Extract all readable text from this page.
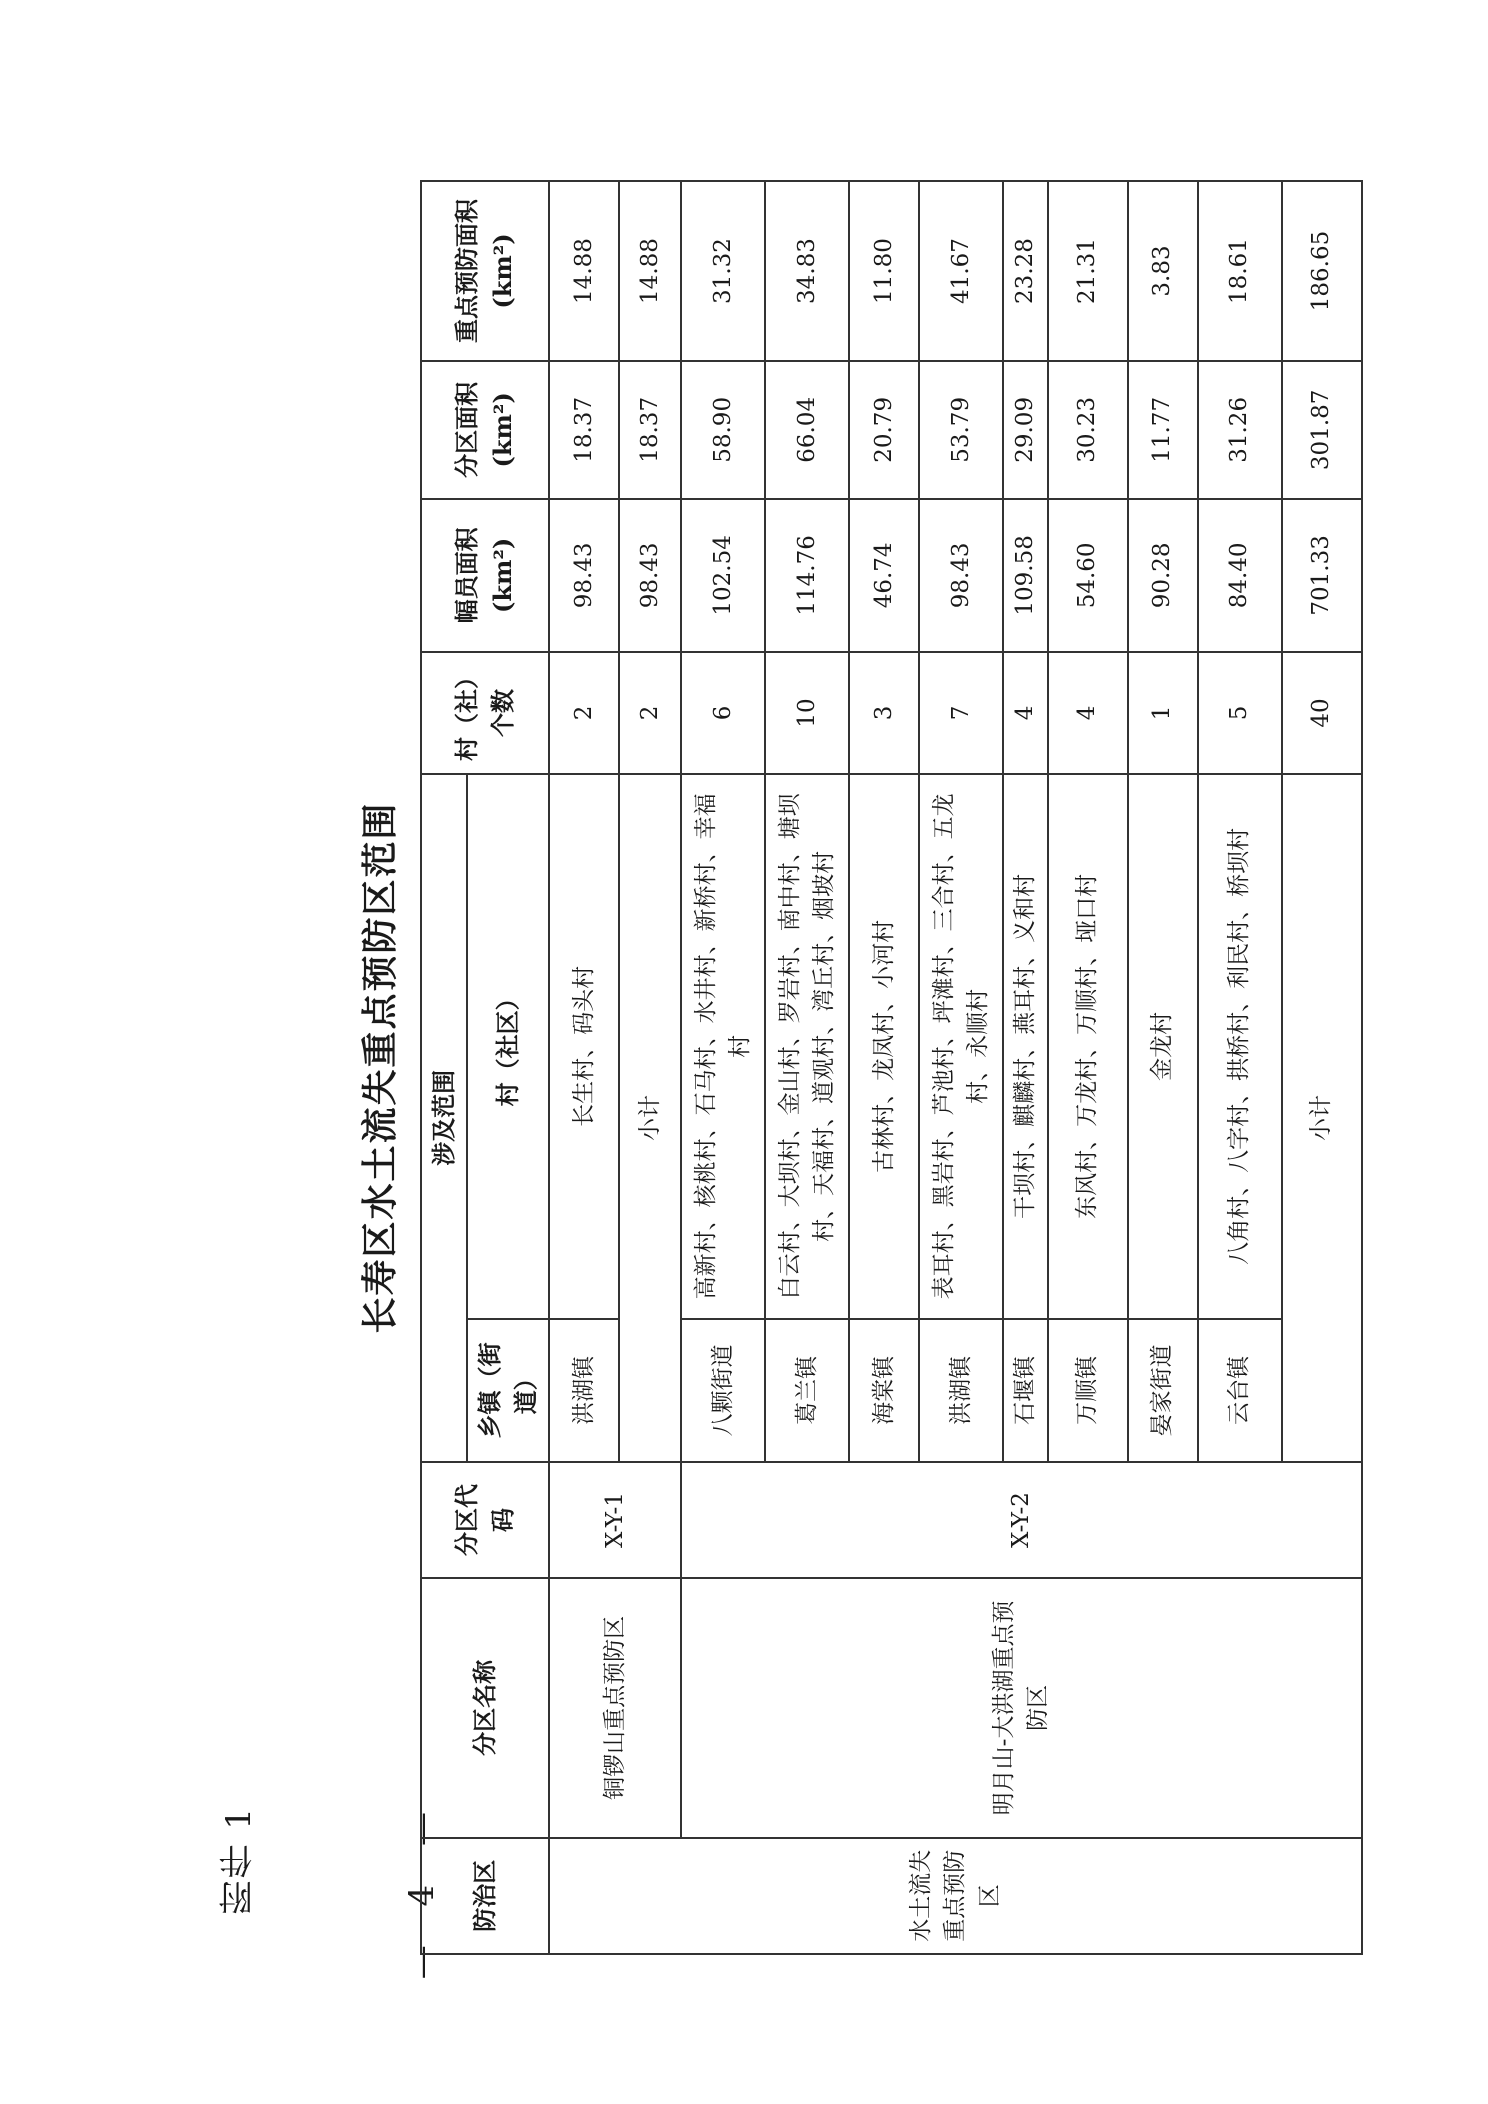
附件 1	— 4 —
长寿区水土流失重点预防区范围
防治区	分区名称	分区代码	涉及范围		村（社）个数	幅员面积(km²)	分区面积(km²)	重点预防面积(km²)
			乡镇（街道）	村（社区）				
水土流失重点预防区	铜锣山重点预防区	X-Y-1	洪湖镇	长生村、码头村	2	98.43	18.37	14.88
			小计		2	98.43	18.37	14.88
	明月山-大洪湖重点预防区	X-Y-2	八颗街道	高新村、核桃村、石马村、水井村、新桥村、幸福村	6	102.54	58.90	31.32
			葛兰镇	白云村、大坝村、金山村、罗岩村、南中村、塘坝村、天福村、道观村、湾丘村、烟坡村	10	114.76	66.04	34.83
			海棠镇	古林村、龙凤村、小河村	3	46.74	20.79	11.80
			洪湖镇	表耳村、黑岩村、芦池村、坪滩村、三合村、五龙村、永顺村	7	98.43	53.79	41.67
			石堰镇	干坝村、麒麟村、燕耳村、义和村	4	109.58	29.09	23.28
			万顺镇	东风村、万龙村、万顺村、垭口村	4	54.60	30.23	21.31
			晏家街道	金龙村	1	90.28	11.77	3.83
			云台镇	八角村、八字村、拱桥村、利民村、桥坝村	5	84.40	31.26	18.61
			小计		40	701.33	301.87	186.65
